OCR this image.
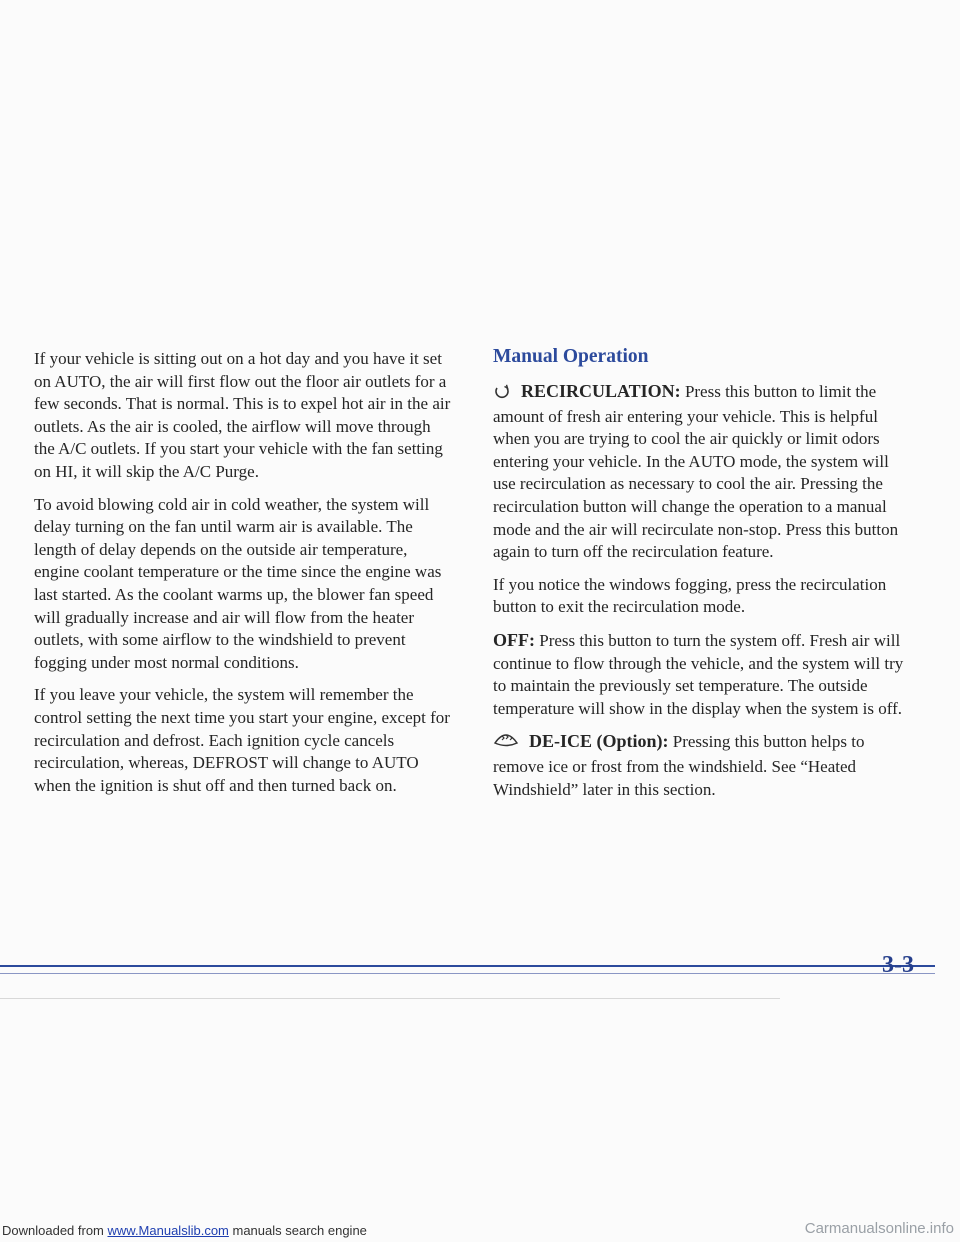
If your vehicle is sitting out on a hot day and you have it set on AUTO, the air will first flow out the floor air outlets for a few seconds. That is normal. This is to expel hot air in the air outlets. As the air is cooled, the airflow will move through the A/C outlets. If you start your vehicle with the fan setting on HI, it will skip the A/C Purge.

To avoid blowing cold air in cold weather, the system will delay turning on the fan until warm air is available. The length of delay depends on the outside air temperature, engine coolant temperature or the time since the engine was last started. As the coolant warms up, the blower fan speed will gradually increase and air will flow from the heater outlets, with some airflow to the windshield to prevent fogging under most normal conditions.

If you leave your vehicle, the system will remember the control setting the next time you start your engine, except for recirculation and defrost. Each ignition cycle cancels recirculation, whereas, DEFROST will change to AUTO when the ignition is shut off and then turned back on.

Manual Operation

RECIRCULATION: Press this button to limit the amount of fresh air entering your vehicle. This is helpful when you are trying to cool the air quickly or limit odors entering your vehicle. In the AUTO mode, the system will use recirculation as necessary to cool the air. Pressing the recirculation button will change the operation to a manual mode and the air will recirculate non-stop. Press this button again to turn off the recirculation feature.

If you notice the windows fogging, press the recirculation button to exit the recirculation mode.

OFF: Press this button to turn the system off. Fresh air will continue to flow through the vehicle, and the system will try to maintain the previously set temperature. The outside temperature will show in the display when the system is off.

DE-ICE (Option): Pressing this button helps to remove ice or frost from the windshield. See “Heated Windshield” later in this section.

3-3
Downloaded from www.Manualslib.com manuals search engine	Carmanualsonline.info
